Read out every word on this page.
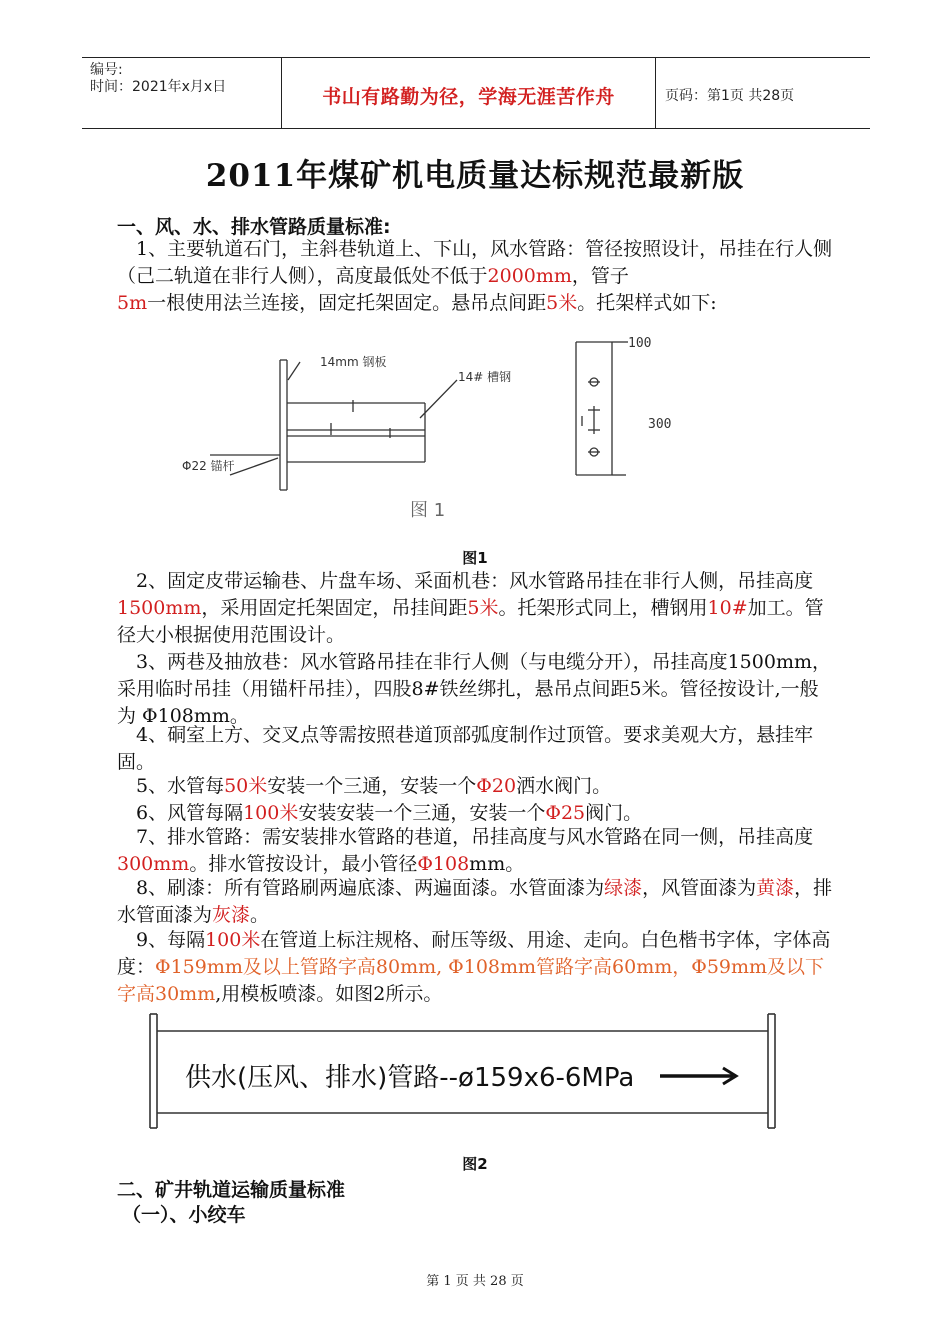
编号:
时间：2021年x月x日	书山有路勤为径，学海无涯苦作舟	页码：第1页 共28页
2011年煤矿机电质量达标规范最新版
一、风、水、排水管路质量标准:
1、主要轨道石门，主斜巷轨道上、下山，风水管路：管径按照设计，吊挂在行人侧（己二轨道在非行人侧），高度最低处不低于2000mm，管子
5m一根使用法兰连接，固定托架固定。悬吊点间距5米。托架样式如下:
14mm 钢板
14# 槽钢
Φ22 锚杆
100
300
图 1
图1
2、固定皮带运输巷、片盘车场、采面机巷：风水管路吊挂在非行人侧，吊挂高度1500mm，采用固定托架固定，吊挂间距5米。托架形式同上，槽钢用10#加工。管径大小根据使用范围设计。
3、两巷及抽放巷：风水管路吊挂在非行人侧（与电缆分开），吊挂高度1500mm，采用临时吊挂（用锚杆吊挂），四股8#铁丝绑扎，悬吊点间距5米。管径按设计,一般为 Φ108mm。
4、硐室上方、交叉点等需按照巷道顶部弧度制作过顶管。要求美观大方，悬挂牢固。
5、水管每50米安装一个三通，安装一个Φ20洒水阀门。
6、风管每隔100米安装安装一个三通，安装一个Φ25阀门。
7、排水管路：需安装排水管路的巷道，吊挂高度与风水管路在同一侧，吊挂高度300mm。排水管按设计，最小管径Φ108mm。
8、刷漆：所有管路刷两遍底漆、两遍面漆。水管面漆为绿漆，风管面漆为黄漆，排水管面漆为灰漆。
9、每隔100米在管道上标注规格、耐压等级、用途、走向。白色楷书字体，字体高度：Φ159mm及以上管路字高80mm, Φ108mm管路字高60mm，Φ59mm及以下字高30mm,用模板喷漆。如图2所示。
供水(压风、排水)管路--ø159x6-6MPa
图2
二、矿井轨道运输质量标准
（一）、小绞车
第 1 页 共 28 页
